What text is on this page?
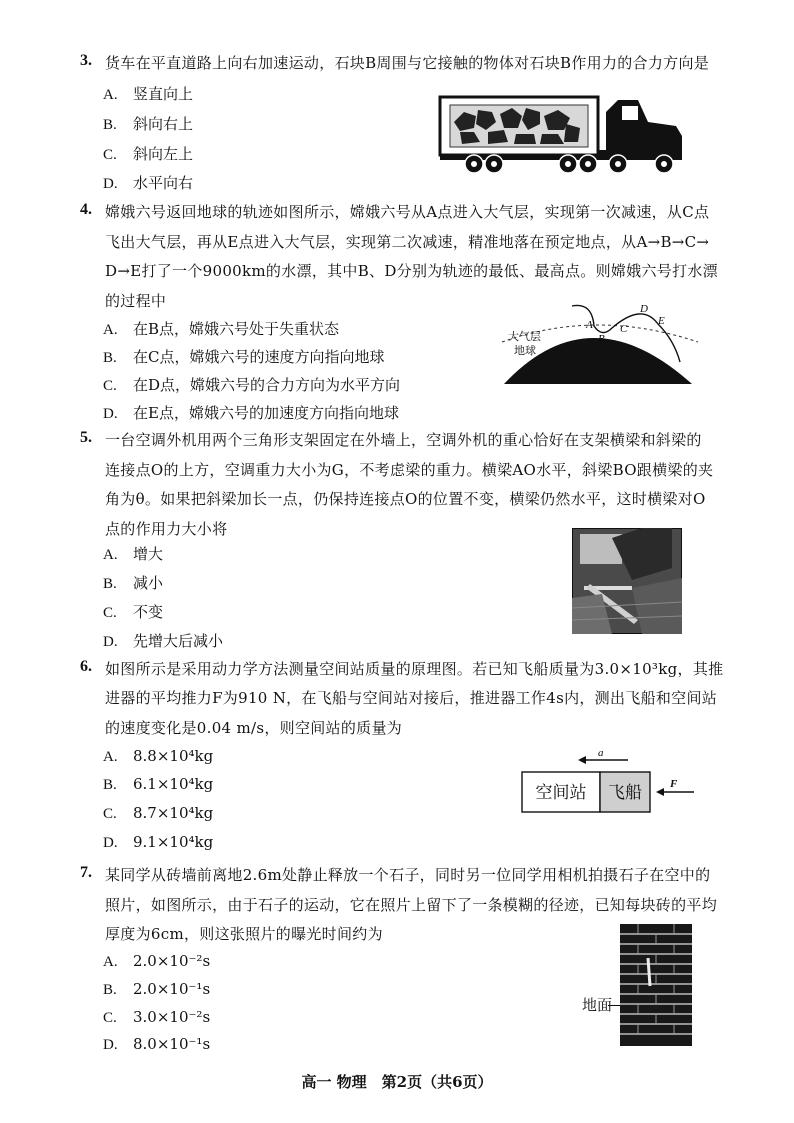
3. 货车在平直道路上向右加速运动，石块B周围与它接触的物体对石块B作用力的合力方向是
A. 竖直向上
B. 斜向右上
C. 斜向左上
D. 水平向右
4. 嫦娥六号返回地球的轨迹如图所示，嫦娥六号从A点进入大气层，实现第一次减速，从C点
飞出大气层，再从E点进入大气层，实现第二次减速，精准地落在预定地点，从A→B→C→
D→E打了一个9000km的水漂，其中B、D分别为轨迹的最低、最高点。则嫦娥六号打水漂
的过程中
A. 在B点，嫦娥六号处于失重状态
B. 在C点，嫦娥六号的速度方向指向地球
C. 在D点，嫦娥六号的合力方向为水平方向
D. 在E点，嫦娥六号的加速度方向指向地球
大气层
地球
A
B
C
D
E
5. 一台空调外机用两个三角形支架固定在外墙上，空调外机的重心恰好在支架横梁和斜梁的
连接点O的上方，空调重力大小为G，不考虑梁的重力。横梁AO水平，斜梁BO跟横梁的夹
角为θ。如果把斜梁加长一点，仍保持连接点O的位置不变，横梁仍然水平，这时横梁对O
点的作用力大小将
A. 增大
B. 减小
C. 不变
D. 先增大后减小
6. 如图所示是采用动力学方法测量空间站质量的原理图。若已知飞船质量为3.0×10³kg，其推
进器的平均推力F为910 N，在飞船与空间站对接后，推进器工作4s内，测出飞船和空间站
的速度变化是0.04 m/s，则空间站的质量为
A. 8.8×10⁴kg
B. 6.1×10⁴kg
C. 8.7×10⁴kg
D. 9.1×10⁴kg
a
空间站 飞船	F
7. 某同学从砖墙前离地2.6m处静止释放一个石子，同时另一位同学用相机拍摄石子在空中的
照片，如图所示，由于石子的运动，它在照片上留下了一条模糊的径迹，已知每块砖的平均
厚度为6cm，则这张照片的曝光时间约为
A. 2.0×10⁻²s
B. 2.0×10⁻¹s
C. 3.0×10⁻²s
D. 8.0×10⁻¹s
地面
高一 物理　第2页（共6页）
